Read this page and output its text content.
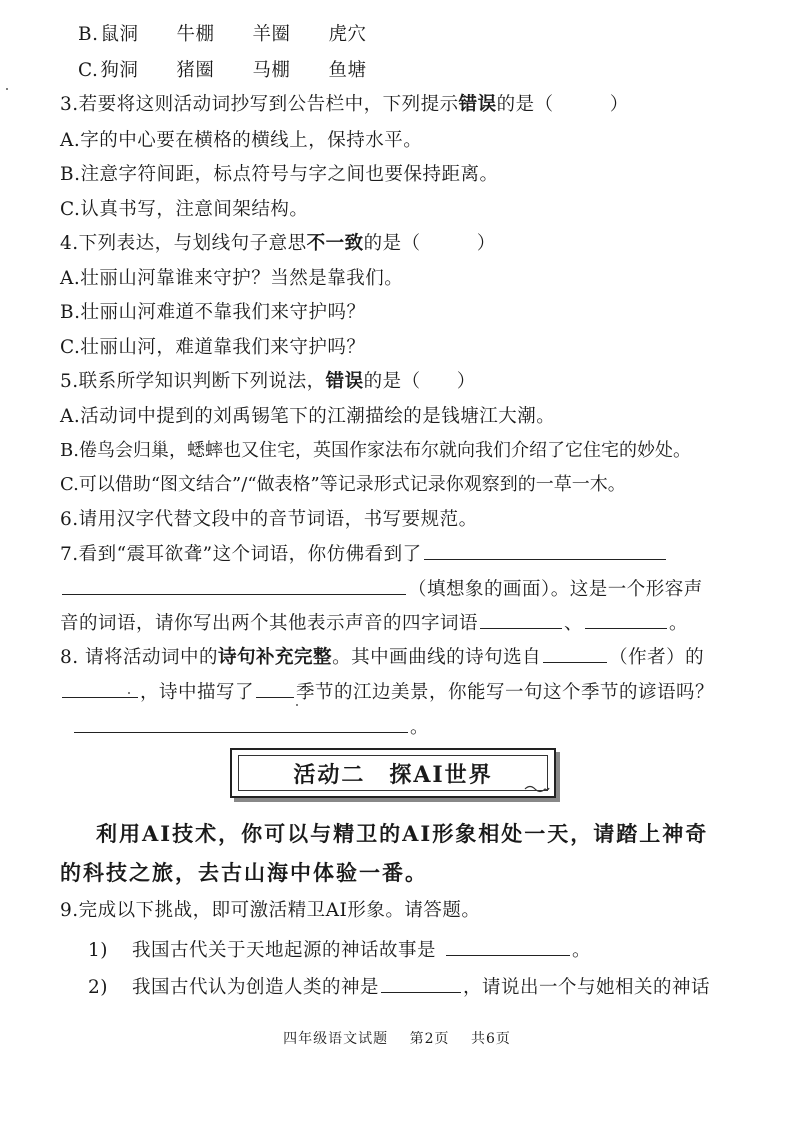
B. 鼠洞 牛棚 羊圈 虎穴
C. 狗洞 猪圈 马棚 鱼塘
3.若要将这则活动词抄写到公告栏中，下列提示错误的是（	）
A.字的中心要在横格的横线上，保持水平。
B.注意字符间距，标点符号与字之间也要保持距离。
C.认真书写，注意间架结构。
4.下列表达，与划线句子意思不一致的是（	）
A.壮丽山河靠谁来守护？当然是靠我们。
B.壮丽山河难道不靠我们来守护吗？
C.壮丽山河，难道靠我们来守护吗？
5.联系所学知识判断下列说法，错误的是（ ）
A.活动词中提到的刘禹锡笔下的江潮描绘的是钱塘江大潮。
B.倦鸟会归巢，蟋蟀也又住宅，英国作家法布尔就向我们介绍了它住宅的妙处。
C.可以借助“图文结合”/“做表格”等记录形式记录你观察到的一草一木。
6.请用汉字代替文段中的音节词语，书写要规范。
7.看到“震耳欲聋”这个词语，你仿佛看到了
（填想象的画面）。这是一个形容声
音的词语，请你写出两个其他表示声音的四字词语	、	。
8. 请将活动词中的诗句补充完整。其中画曲线的诗句选自	（作者）的
，诗中描写了 季节的江边美景，你能写一句这个季节的谚语吗？
。
活动二　探AI世界
利用AI技术，你可以与精卫的AI形象相处一天，请踏上神奇
的科技之旅，去古山海中体验一番。
9.完成以下挑战，即可激活精卫AI形象。请答题。
1) 我国古代关于天地起源的神话故事是	。
2) 我国古代认为创造人类的神是	，请说出一个与她相关的神话
四年级语文试题 第2页 共6页
